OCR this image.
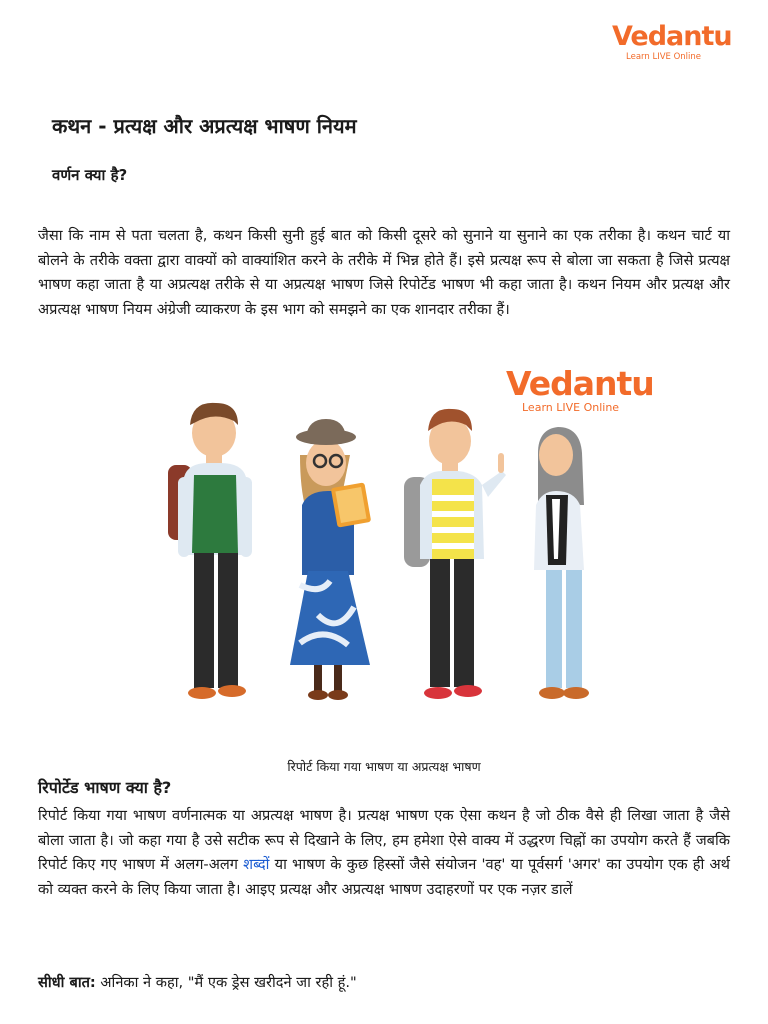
Vedantu
Learn LIVE Online
कथन - प्रत्यक्ष और अप्रत्यक्ष भाषण नियम
वर्णन क्या है?

जैसा कि नाम से पता चलता है, कथन किसी सुनी हुई बात को किसी दूसरे को सुनाने या सुनाने का एक तरीका है। कथन चार्ट या बोलने के तरीके वक्ता द्वारा वाक्यों को वाक्यांशित करने के तरीके में भिन्न होते हैं। इसे प्रत्यक्ष रूप से बोला जा सकता है जिसे प्रत्यक्ष भाषण कहा जाता है या अप्रत्यक्ष तरीके से या अप्रत्यक्ष भाषण जिसे रिपोर्टेड भाषण भी कहा जाता है। कथन नियम और प्रत्यक्ष और अप्रत्यक्ष भाषण नियम अंग्रेजी व्याकरण के इस भाग को समझने का एक शानदार तरीका हैं।

Vedantu
Learn LIVE Online
रिपोर्ट किया गया भाषण या अप्रत्यक्ष भाषण
रिपोर्टेड भाषण क्या है?

रिपोर्ट किया गया भाषण वर्णनात्मक या अप्रत्यक्ष भाषण है। प्रत्यक्ष भाषण एक ऐसा कथन है जो ठीक वैसे ही लिखा जाता है जैसे बोला जाता है। जो कहा गया है उसे सटीक रूप से दिखाने के लिए, हम हमेशा ऐसे वाक्य में उद्धरण चिह्नों का उपयोग करते हैं जबकि रिपोर्ट किए गए भाषण में अलग-अलग शब्दों या भाषण के कुछ हिस्सों जैसे संयोजन 'वह' या पूर्वसर्ग 'अगर' का उपयोग एक ही अर्थ को व्यक्त करने के लिए किया जाता है। आइए प्रत्यक्ष और अप्रत्यक्ष भाषण उदाहरणों पर एक नज़र डालें

सीधी बात: अनिका ने कहा, "मैं एक ड्रेस खरीदने जा रही हूं."
